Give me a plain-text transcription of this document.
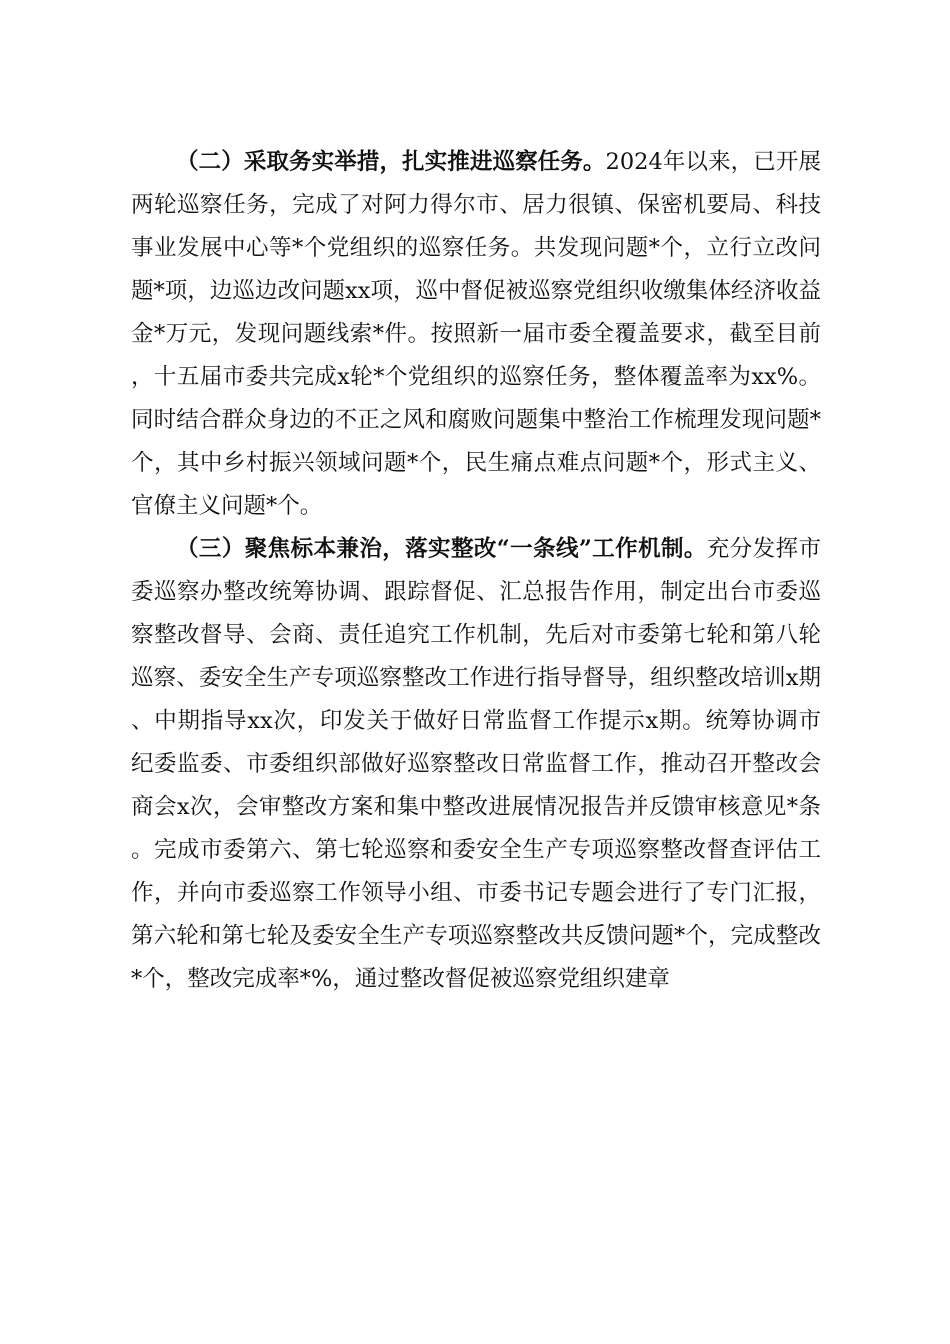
（二）采取务实举措，扎实推进巡察任务。2024年以来，已开展两轮巡察任务，完成了对阿力得尔市、居力很镇、保密机要局、科技事业发展中心等*个党组织的巡察任务。共发现问题*个，立行立改问题*项，边巡边改问题xx项，巡中督促被巡察党组织收缴集体经济收益金*万元，发现问题线索*件。按照新一届市委全覆盖要求，截至目前，十五届市委共完成x轮*个党组织的巡察任务，整体覆盖率为xx%。同时结合群众身边的不正之风和腐败问题集中整治工作梳理发现问题*个，其中乡村振兴领域问题*个，民生痛点难点问题*个，形式主义、官僚主义问题*个。

（三）聚焦标本兼治，落实整改“一条线”工作机制。充分发挥市委巡察办整改统筹协调、跟踪督促、汇总报告作用，制定出台市委巡察整改督导、会商、责任追究工作机制，先后对市委第七轮和第八轮巡察、委安全生产专项巡察整改工作进行指导督导，组织整改培训x期、中期指导xx次，印发关于做好日常监督工作提示x期。统筹协调市纪委监委、市委组织部做好巡察整改日常监督工作，推动召开整改会商会x次，会审整改方案和集中整改进展情况报告并反馈审核意见*条。完成市委第六、第七轮巡察和委安全生产专项巡察整改督查评估工作，并向市委巡察工作领导小组、市委书记专题会进行了专门汇报，第六轮和第七轮及委安全生产专项巡察整改共反馈问题*个，完成整改*个，整改完成率*%，通过整改督促被巡察党组织建章
